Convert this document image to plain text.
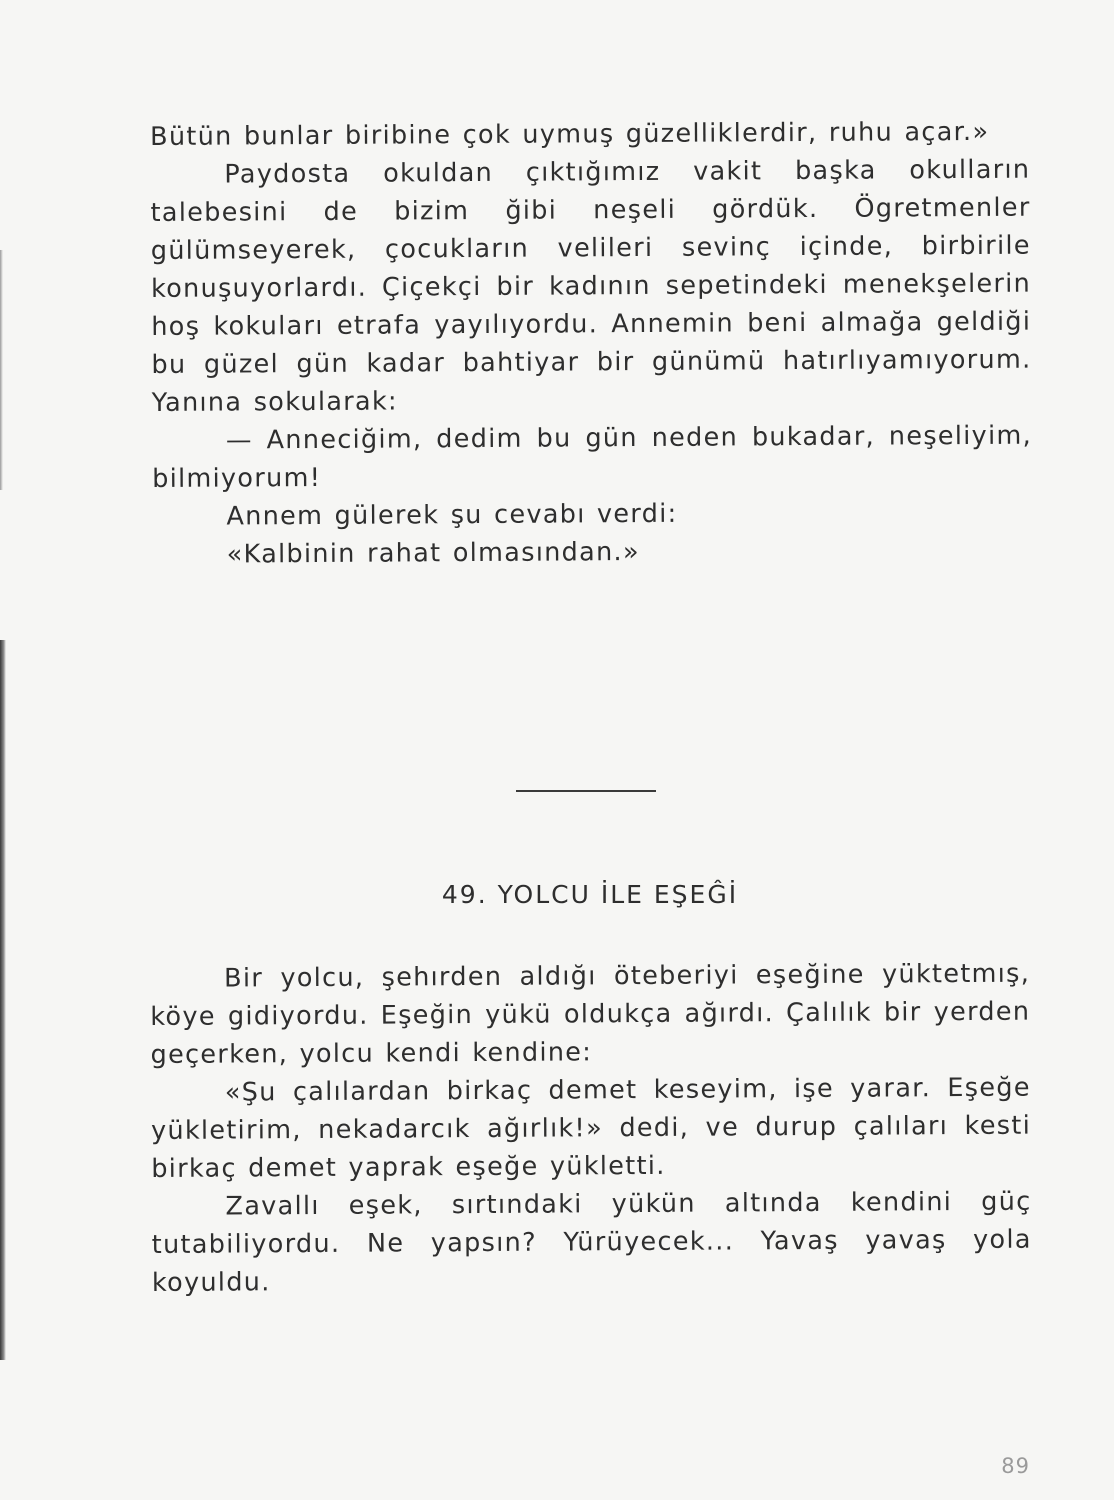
Bütün bunlar biribine çok uymuş güzelliklerdir, ruhu açar.»

Paydosta okuldan çıktığımız vakit başka okulların talebesini de bizim ğibi neşeli gördük. Ögretmenler gülümseyerek, çocukların velileri sevinç içinde, birbirile konuşuyorlardı. Çiçekçi bir kadının sepetindeki menekşelerin hoş kokuları etrafa yayılıyordu. Annemin beni almağa geldiği bu güzel gün kadar bahtiyar bir günümü hatırlıyamıyorum. Yanına sokularak:

— Anneciğim, dedim bu gün neden bukadar, neşeliyim, bilmiyorum!

Annem gülerek şu cevabı verdi:

«Kalbinin rahat olmasından.»

49. YOLCU İLE EŞEĜİ

Bir yolcu, şehırden aldığı öteberiyi eşeğine yüktetmış, köye gidiyordu. Eşeğin yükü oldukça ağırdı. Çalılık bir yerden geçerken, yolcu kendi kendine:

«Şu çalılardan birkaç demet keseyim, işe yarar. Eşeğe yükletirim, nekadarcık ağırlık!» dedi, ve durup çalıları kesti birkaç demet yaprak eşeğe yükletti.

Zavallı eşek, sırtındaki yükün altında kendini güç tutabiliyordu. Ne yapsın? Yürüyecek... Yavaş yavaş yola koyuldu.

89
